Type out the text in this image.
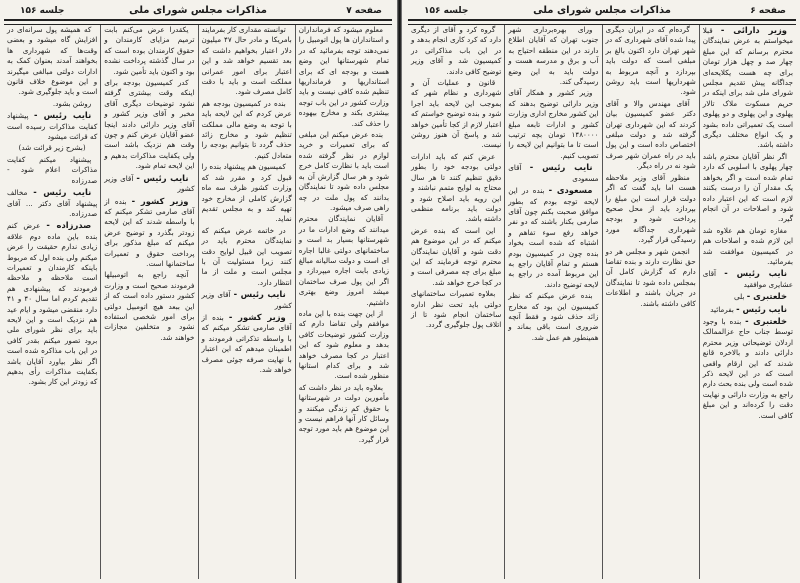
صفحه ۷
مذاکرات مجلس شورای ملی
جلسه ۱۵۶

معلوم میشود که فرمانداران و استانداران ها پول اتومبیل را نمی‌دهند توجه بفرمائید که در تمام شهرستانها این وضع هست و بودجه ای که برای استانداریها و فرمانداریها تنظیم شده کافی نیست و باید وزارت کشور در این باب توجه بیشتری بکند و مخارج بیهوده را حذف کند.

بنده عرض میکنم این مبلغی که برای تعمیرات و خرید لوازم در نظر گرفته شده است باید با نظارت کامل خرج شود و هر سال گزارش آن به مجلس داده شود تا نمایندگان بدانند که پول ملت در چه راهی صرف میشود.

آقایان نمایندگان محترم میدانند که وضع ادارات ما در شهرستانها بسیار بد است و ساختمانهای دولتی غالبا اجاره ای است و دولت سالیانه مبالغ زیادی بابت اجاره میپردازد و اگر این پول صرف ساختمان میشد امروز وضع بهتری داشتیم.

از این جهت بنده با این ماده موافقم ولی تقاضا دارم که وزارت کشور توضیحات کافی بدهد و معلوم شود که این اعتبار در کجا مصرف خواهد شد و برای کدام استانها منظور شده است.

بعلاوه باید در نظر داشت که مأمورین دولت در شهرستانها با حقوق کم زندگی میکنند و وسائل کار آنها فراهم نیست و این موضوع هم باید مورد توجه قرار گیرد.

توانسته مقداری کار بفرمایند بامریکا و مادر حال ۴۷ میلیون دلار اعتبار بخواهیم داشت که بعد تقسیم خواهد شد و این اعتبار برای امور عمرانی مملکت است و باید با دقت کامل مصرف شود.

بنده در کمیسیون بودجه هم عرض کردم که این لایحه باید با توجه به وضع مالی مملکت تنظیم شود و مخارج زائد حذف گردد تا بتوانیم بودجه را متعادل کنیم.

کمیسیون هم پیشنهاد بنده را قبول کرد و مقرر شد که وزارت کشور ظرف سه ماه گزارش کاملی از مخارج خود تهیه کند و به مجلس تقدیم نماید.

در خاتمه عرض میکنم که نمایندگان محترم باید در تصویب این قبیل لوایح دقت کنند زیرا مسئولیت آن با مجلس است و ملت از ما انتظار دارد.

نایب رئیس - آقای وزیر کشور

وزیر کشور - بنده از آقای صارمی تشکر میکنم که با واسطه تذکراتی فرمودند و اطمینان میدهم که این اعتبار با نهایت صرفه جوئی مصرف خواهد شد.

یکقدرا عرض می‌کنم بابت ترمیم مزایای کارمندان و حقوق کارمندان بوده است که در سال گذشته پرداخت نشده بود و اکنون باید تأمین شود.

کدر کمیسیون بودجه برای اینکه وقت بیشتری گرفته نشود توضیحات دیگری آقای مخبر و آقای وزیر کشور و آقای وزیر دارائی دادند اینجا عضو آقایان عرض کنم و چون وقت هم نزدیک باشد است ولی یکفایت مذاکرات بدهیم و این لایحه تمام شود.

نایب رئیس - آقای وزیر کشور

وزیر کشور - بنده از آقای صارمی تشکر میکنم که با واسطه شدند که این لایحه زودتر بگذرد و توضیح عرض میکنم که مبلغ مذکور برای پرداخت حقوق و تعمیرات ساختمانها است.

آنچه راجع به اتومبیلها فرمودند صحیح است و وزارت کشور دستور داده است که از این ببعد هیچ اتومبیل دولتی برای امور شخصی استفاده نشود و متخلفین مجازات خواهند شد.

که همیشه پول سرانه‌ای در افزایش گاه میشود و بعضی وقت‌ها که شهرداری ها بخواهند آمدند بعنوان کمک به ادارات دولتی مبالغی میگیرند و این موضوع خلاف قانون است و باید جلوگیری شود.

روشن بشود.

نایب رئیس - پیشنهاد کفایت مذاکرات رسیده است که قرائت میشود

(بشرح زیر قرائت شد)

پیشنهاد میکنم کفایت مذاکرات اعلام شود - صدرزاده

نایب رئیس - مخالف پیشنهاد آقای دکتر ... آقای صدرزاده.

صدرزاده - عرض کنم بنده باین ماده دوم علاقه زیادی ندارم حقیقت را عرض میکنم ولی بنده اول که مربوط باینکه کارمندان و تعمیرات است ملاحظه و ملاحظه فرمودند که پیشنهادی هم تقدیم کردم اما سال ۴۰ و ۴۱ دارد منقضی میشود و ایام عید هم نزدیک است و این لایحه باید برای نظر شورای ملی برود تصور میکنم بقدر کافی در این باب مذاکره شده است اگر نظر بیاورد آقایان باشد بکفایت مذاکرات رأی بدهیم که زودتر این کار بشود.

صفحه ۶
مذاکرات مجلس شورای ملی
جلسه ۱۵۶

وزیر دارائی - قبلا میخواستم به عرض نمایندگان محترم برسانم که این مبلغ چهار صد و چهل هزار تومان برای چه هست یکلایحه‌ای جداگانه پیش تقدیم مجلس شورای ملی شد برای اینکه در حریم مسکوت ملاک تالار پهلوی و این پهلوی و دو پهلوی است یک تعمیراتی داده بشود و یک انواع مختلف دیگری داشته باشد.

اگر نظر آقایان محترم باشد چهار پهلوی با اسلوبی که دارد تمام شده است و اگر بخواهد یک مقدار آن را درست بکنند لازم است که این اعتبار داده شود و اصلاحات در آن انجام گیرد.

مغازه تومان هم علاوه شد این لازم شده و اصلاحات هم در کمیسیون موافقت شد بفرمائید.

نایب رئیس - آقای عشایری موافقید

خلعتبری - بلی

نایب رئیس - بفرمائید

خلعتبری - بنده با وجود توسط جناب حاج عزالممالک اردلان توضیحاتی وزیر محترم دارائی دادند و بالاخره قانع شدند که این ارقام واقعی است که در این لایحه ذکر شده است ولی بنده بحث دارم راجع به وزارت دارائی و نهایت دقت را کرده‌اند و این مبلغ کافی است.

گرده‌ام که در ایران دیگری پیدا شده آقای شهرداری که در شهر تهران دارد اکنون بالغ بر مبلغی است که دولت باید بپردازد و آنچه مربوط به شهرداریها است باید روشن شود.

آقای مهندس والا و آقای دکتر عضو کمیسیون بیان کردند که این شهرداری تهران گرفته شد و دولت مبلغی اختصاص داده است و این پول باید در راه عمران شهر صرف شود نه در راه دیگر.

منظور آقای وزیر ملاحظه هست اما باید گفت که اگر دولت قرار است این مبلغ را بپردازد باید از محل صحیح پرداخت شود و بودجه شهرداری جداگانه مورد رسیدگی قرار گیرد.

انجمن شهر و مجلس هر دو حق نظارت دارند و بنده تقاضا دارم که گزارش کامل آن بمجلس داده شود تا نمایندگان در جریان باشند و اطلاعات کافی داشته باشند.

ورای بهره‌برداری شهر جنوب تهران که آقایان اطلاع دارند در این منطقه احتیاج به آب و برق و مدرسه هست و دولت باید به این وضع رسیدگی کند.

وزیر کشور و همکار آقای وزیر دارائی توضیح بدهند که این کشور مخارج اداری وزارت کشور و ادارات تابعه مبلغ ۱۴۸۰۰۰۰ تومان بچه ترتیب است تا ما بتوانیم این لایحه را تصویب کنیم.

نایب رئیس - آقای مسعودی

مسعودی - بنده در این لایحه توجه بودم که بطور موافق صحبت بکنم چون آقای صارمی بکنار باشند که دو نفر خواهد رفع سوء تفاهم و اشتباه که شده است بخواد بنده چون در کمیسیون بودم هستم و تمام آقایان راجع به این مربوط آمده در راجع به لایحه توضیح دادند.

بنده عرض میکنم که نظر کمیسیون این بود که مخارج زائد حذف شود و فقط آنچه ضروری است باقی بماند و همینطور هم عمل شد.

گروه کرد و آقای از دیگری دارد که کرد کاری انجام بدهد و در این باب مذاکراتی در کمیسیون شد و آقای وزیر توضیح کافی دادند.

قانون و عملیات آن و شهرداری و نظام شهر که بموجب این لایحه باید اجرا شود و بنده توضیح خواستم که اعتبار لازم از کجا تأمین خواهد شد و پاسخ آن هنوز روشن نیست.

عرض کنم که باید ادارات دولتی بودجه خود را بطور دقیق تنظیم کنند تا هر سال محتاج به لوایح متمم نباشند و این رویه باید اصلاح شود و دولت باید برنامه منظمی داشته باشد.

این است که بنده عرض میکنم که در این موضوع هم دقت شود و آقایان نمایندگان محترم توجه فرمایند که این مبلغ برای چه مصرفی است و در کجا خرج خواهد شد.

بعلاوه تعمیرات ساختمانهای دولتی باید تحت نظر اداره ساختمان انجام شود تا از اتلاف پول جلوگیری گردد.
